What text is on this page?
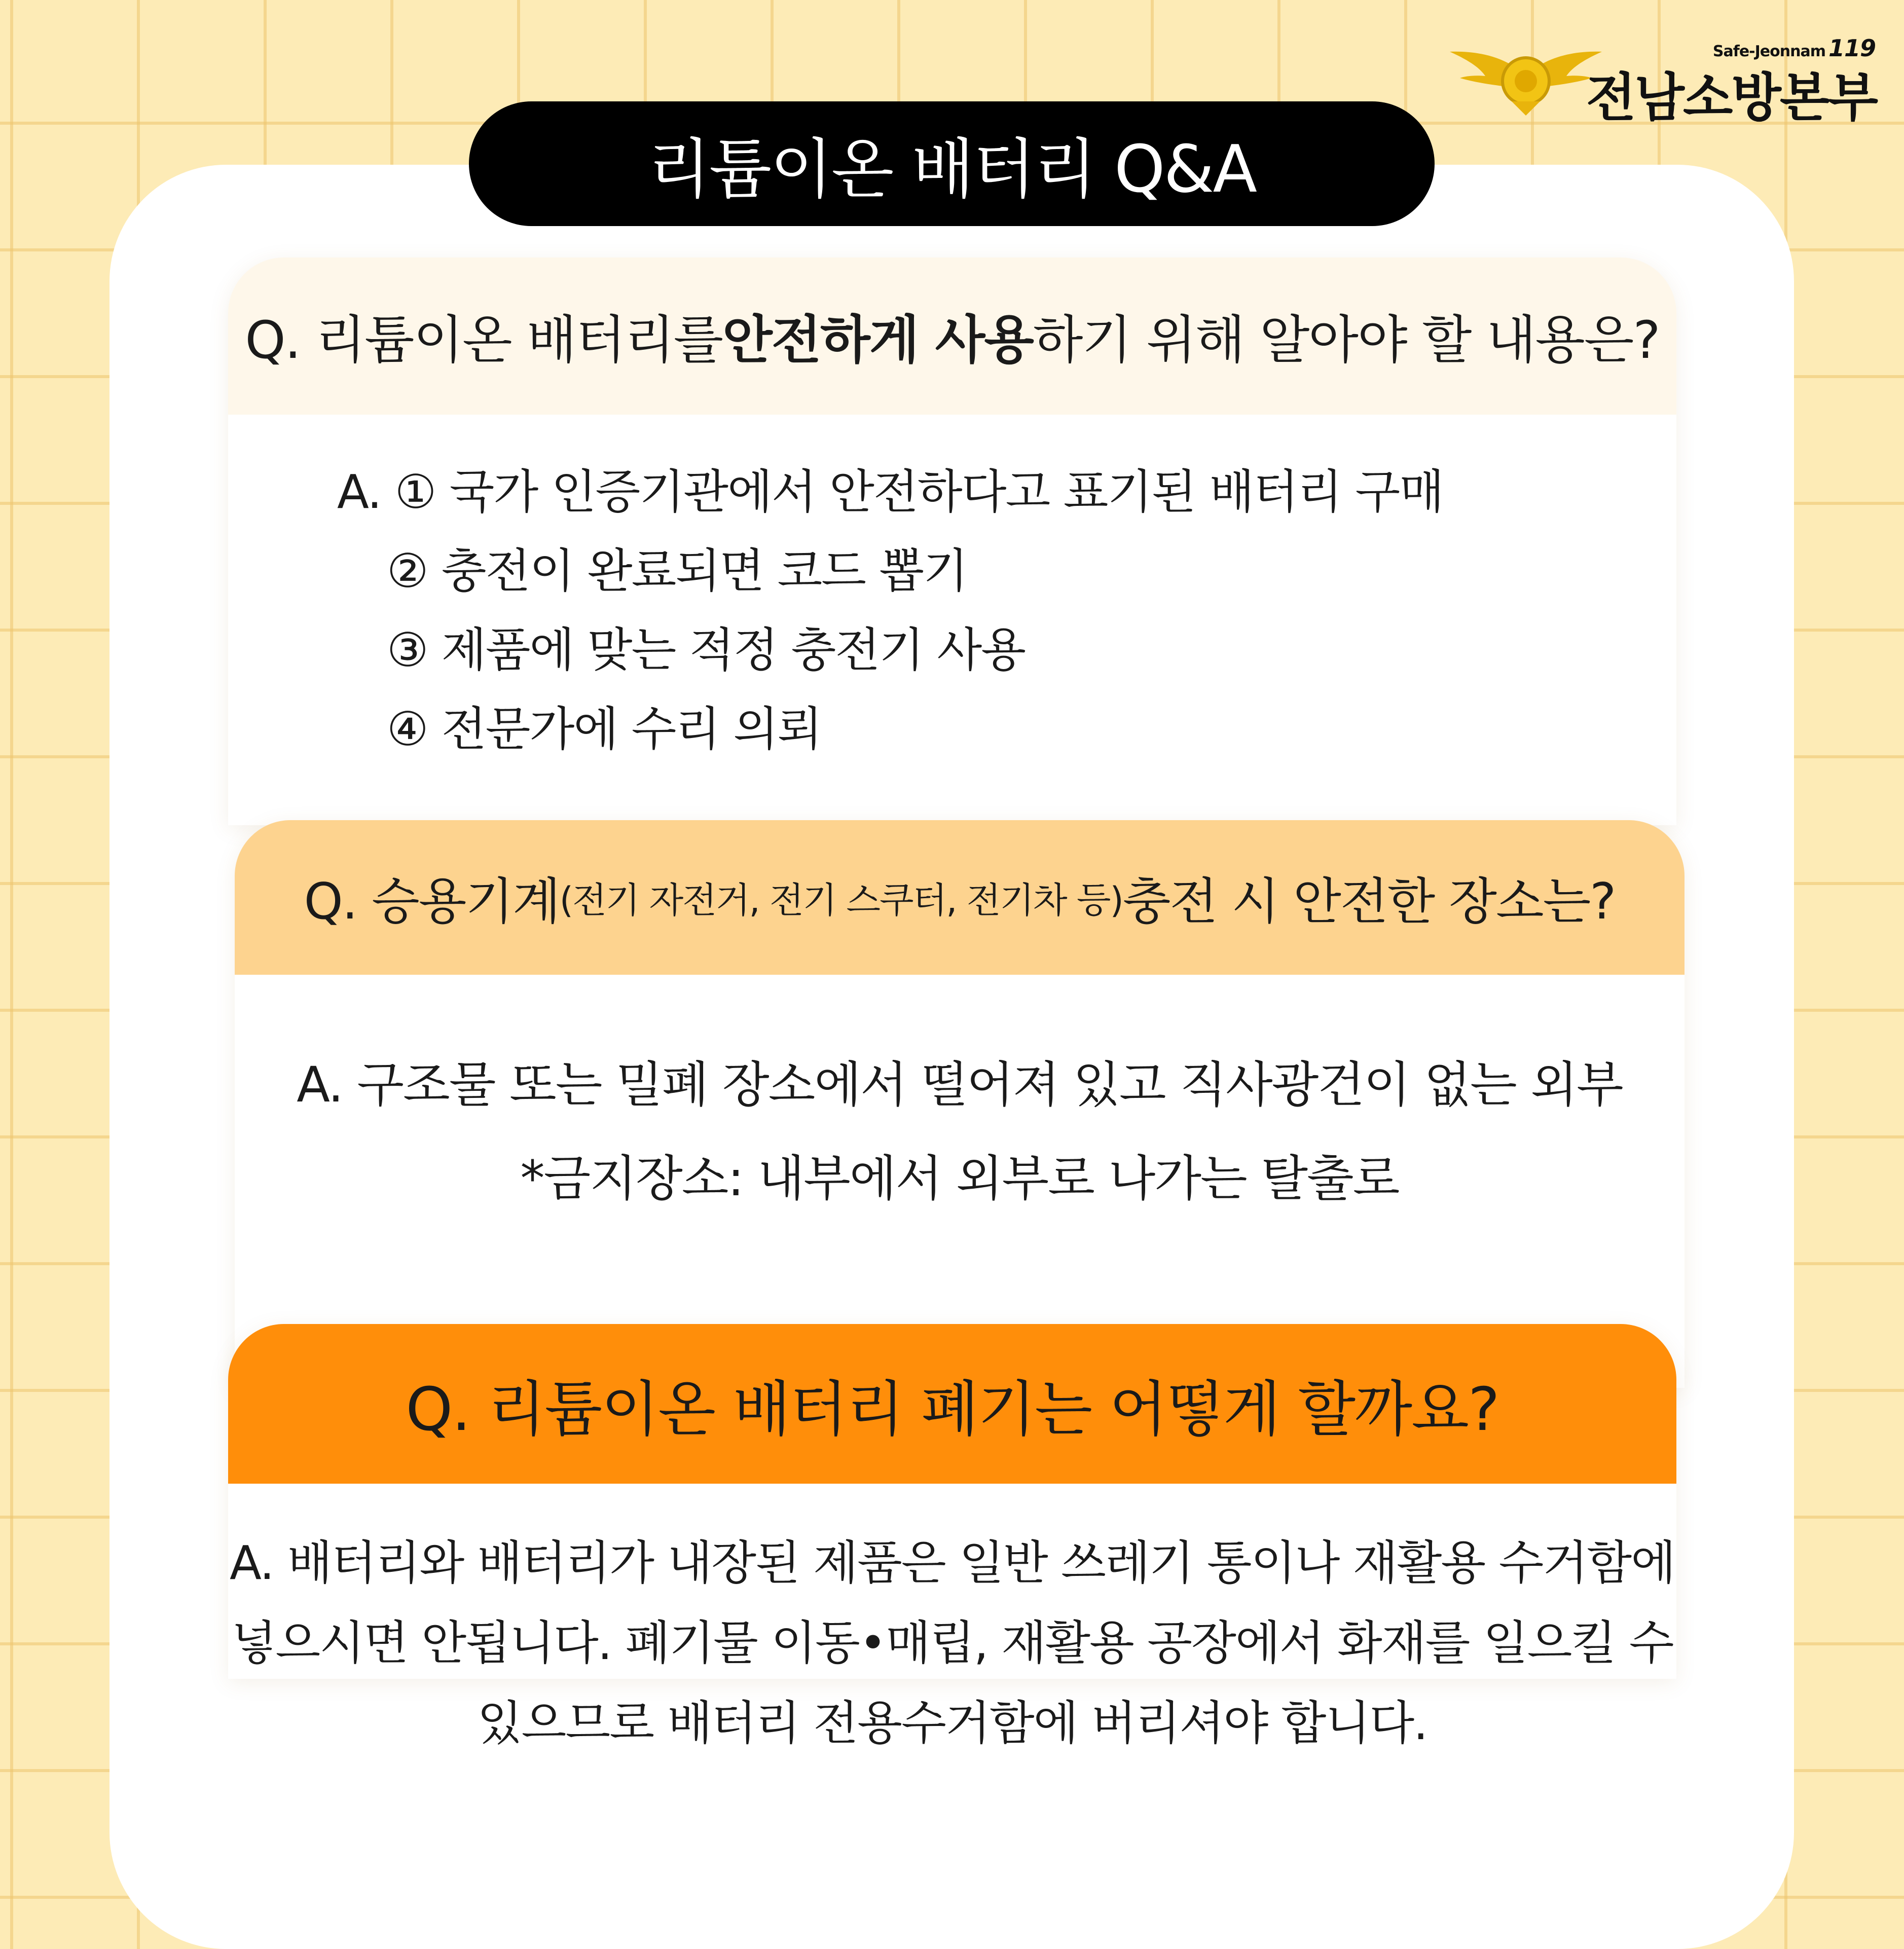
Safe-Jeonnam 119
전남소방본부
리튬이온 배터리 Q&A
Q. 리튬이온 배터리를 안전하게 사용 하기 위해 알아야 할 내용은?
A. ① 국가 인증기관에서 안전하다고 표기된 배터리 구매
② 충전이 완료되면 코드 뽑기
③ 제품에 맞는 적정 충전기 사용
④ 전문가에 수리 의뢰
Q. 승용기계 (전기 자전거, 전기 스쿠터, 전기차 등) 충전 시 안전한 장소는?
A. 구조물 또는 밀폐 장소에서 떨어져 있고 직사광건이 없는 외부
*금지장소: 내부에서 외부로 나가는 탈출로
Q. 리튬이온 배터리 폐기는 어떻게 할까요?
A. 배터리와 배터리가 내장된 제품은 일반 쓰레기 통이나 재활용 수거함에
넣으시면 안됩니다. 폐기물 이동•매립, 재활용 공장에서 화재를 일으킬 수
있으므로 배터리 전용수거함에 버리셔야 합니다.
